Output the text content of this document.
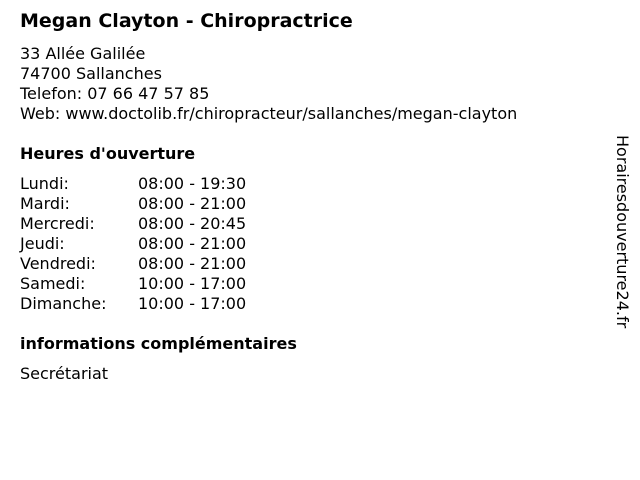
Megan Clayton - Chiropractrice
33 Allée Galilée
74700 Sallanches
Telefon: 07 66 47 57 85
Web: www.doctolib.fr/chiropracteur/sallanches/megan-clayton
Heures d'ouverture
Lundi:	08:00 - 19:30
Mardi:	08:00 - 21:00
Mercredi:	08:00 - 20:45
Jeudi:	08:00 - 21:00
Vendredi:	08:00 - 21:00
Samedi:	10:00 - 17:00
Dimanche:	10:00 - 17:00
informations complémentaires
Secrétariat
Horairesdouverture24.fr
